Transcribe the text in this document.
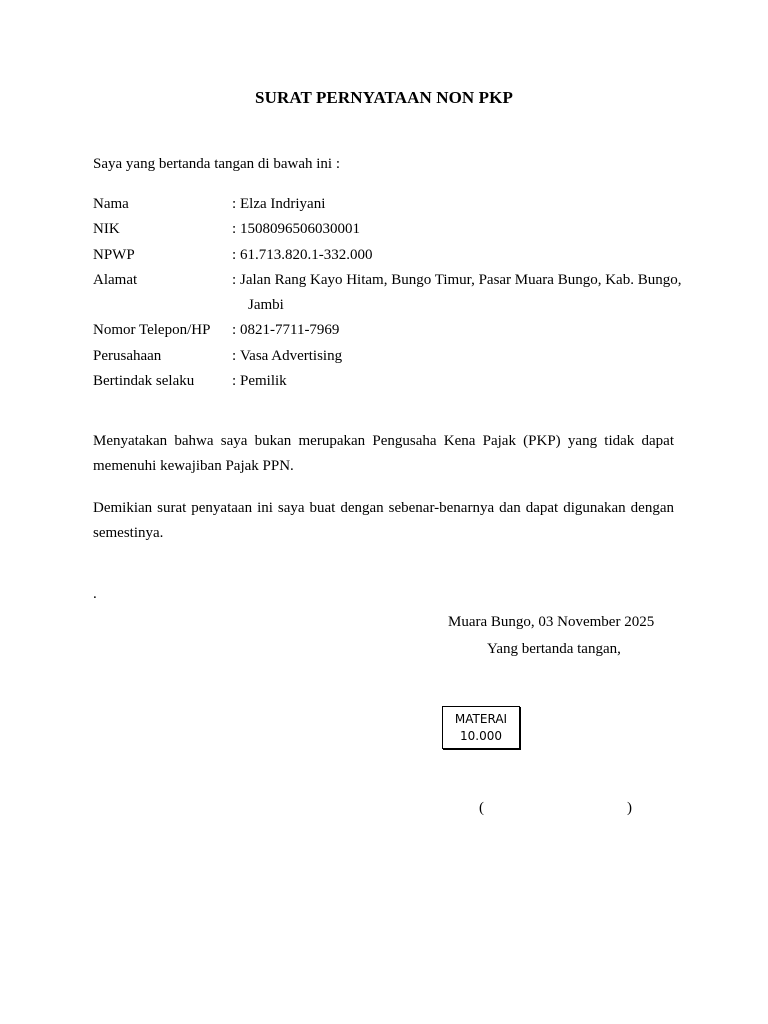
SURAT PERNYATAAN NON PKP
Saya yang bertanda tangan di bawah ini :
Nama	: Elza Indriyani
NIK	: 1508096506030001
NPWP	: 61.713.820.1-332.000
Alamat	: Jalan Rang Kayo Hitam, Bungo Timur, Pasar Muara Bungo, Kab. Bungo, Jambi
Nomor Telepon/HP	: 0821-7711-7969
Perusahaan	: Vasa Advertising
Bertindak selaku	: Pemilik
Menyatakan bahwa saya bukan merupakan Pengusaha Kena Pajak (PKP) yang tidak dapat memenuhi kewajiban Pajak PPN.
Demikian surat penyataan ini saya buat dengan sebenar-benarnya dan dapat digunakan dengan semestinya.
.
Muara Bungo, 03 November 2025
Yang bertanda tangan,
MATERAI
10.000
(	)
